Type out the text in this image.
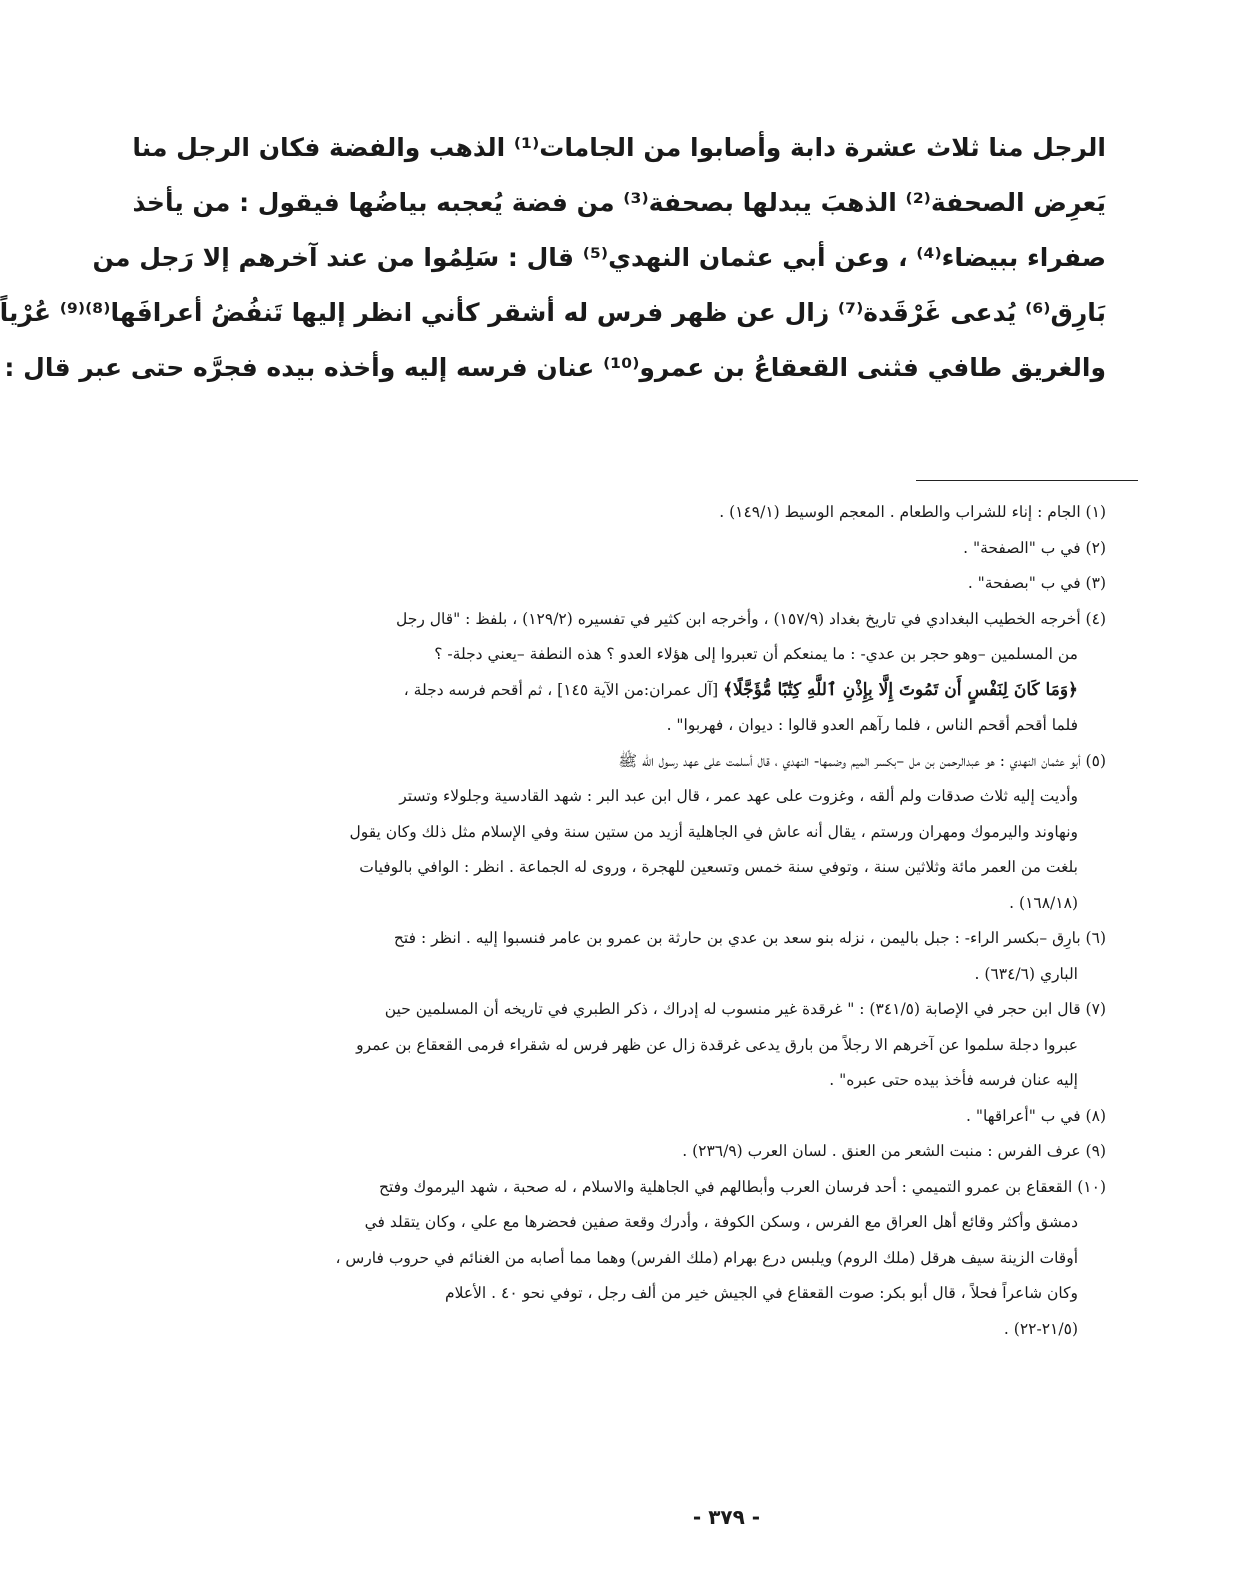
الرجل منا ثلاث عشرة دابة وأصابوا من الجامات⁽¹⁾ الذهب والفضة فكان الرجل منا
يَعرِض الصحفة⁽²⁾ الذهبَ يبدلها بصحفة⁽³⁾ من فضة يُعجبه بياضُها فيقول : من يأخذ
صفراء ببيضاء⁽⁴⁾ ، وعن أبي عثمان النهدي⁽⁵⁾ قال : سَلِمُوا من عند آخرهم إلا رَجل من
بَارِق⁽⁶⁾ يُدعى غَرْقَدة⁽⁷⁾ زال عن ظهر فرس له أشقر كأني انظر إليها تَنفُضُ أعرافَها⁽⁸⁾⁽⁹⁾ عُرْياً
والغريق طافي فثنى القعقاعُ بن عمرو⁽¹⁰⁾ عنان فرسه إليه وأخذه بيده فجرَّه حتى عبر قال :
(١) الجام : إناء للشراب والطعام . المعجم الوسيط (١٤٩/١) .
(٢) في ب "الصفحة" .
(٣) في ب "بصفحة" .
(٤) أخرجه الخطيب البغدادي في تاريخ بغداد (١٥٧/٩) ، وأخرجه ابن كثير في تفسيره (١٢٩/٢) ، بلفظ : "قال رجل
من المسلمين –وهو حجر بن عدي- : ما يمنعكم أن تعبروا إلى هؤلاء العدو ؟ هذه النطفة –يعني دجلة- ؟
﴿وَمَا كَانَ لِنَفْسٍ أَن تَمُوتَ إِلَّا بِإِذْنِ ٱللَّهِ كِتَٰبًا مُّؤَجَّلًا﴾ [آل عمران:من الآية ١٤٥] ، ثم أقحم فرسه دجلة ،
فلما أقحم أقحم الناس ، فلما رآهم العدو قالوا : ديوان ، فهربوا" .
(٥) أبو عثمان النهدي : هو عبدالرحمن بن مل –بكسر الميم وضمها- النهدي ، قال أسلمت على عهد رسول الله ﷺ
وأديت إليه ثلاث صدقات ولم ألقه ، وغزوت على عهد عمر ، قال ابن عبد البر : شهد القادسية وجلولاء وتستر
ونهاوند واليرموك ومهران ورستم ، يقال أنه عاش في الجاهلية أزيد من ستين سنة وفي الإسلام مثل ذلك وكان يقول
بلغت من العمر مائة وثلاثين سنة ، وتوفي سنة خمس وتسعين للهجرة ، وروى له الجماعة . انظر : الوافي بالوفيات
(١٦٨/١٨) .
(٦) بارِق –بكسر الراء- : جبل باليمن ، نزله بنو سعد بن عدي بن حارثة بن عمرو بن عامر فنسبوا إليه . انظر : فتح
الباري (٦٣٤/٦) .
(٧) قال ابن حجر في الإصابة (٣٤١/٥) : " غرقدة غير منسوب له إدراك ، ذكر الطبري في تاريخه أن المسلمين حين
عبروا دجلة سلموا عن آخرهم الا رجلاً من بارق يدعى غرقدة زال عن ظهر فرس له شقراء فرمى القعقاع بن عمرو
إليه عنان فرسه فأخذ بيده حتى عبره" .
(٨) في ب "أعراقها" .
(٩) عرف الفرس : منبت الشعر من العنق . لسان العرب (٢٣٦/٩) .
(١٠) القعقاع بن عمرو التميمي : أحد فرسان العرب وأبطالهم في الجاهلية والاسلام ، له صحبة ، شهد اليرموك وفتح
دمشق وأكثر وقائع أهل العراق مع الفرس ، وسكن الكوفة ، وأدرك وقعة صفين فحضرها مع علي ، وكان يتقلد في
أوقات الزينة سيف هرقل (ملك الروم) ويلبس درع بهرام (ملك الفرس) وهما مما أصابه من الغنائم في حروب فارس ،
وكان شاعراً فحلاً ، قال أبو بكر: صوت القعقاع في الجيش خير من ألف رجل ، توفي نحو ٤٠ . الأعلام
(٢١/٥-٢٢) .
- ٣٧٩ -
